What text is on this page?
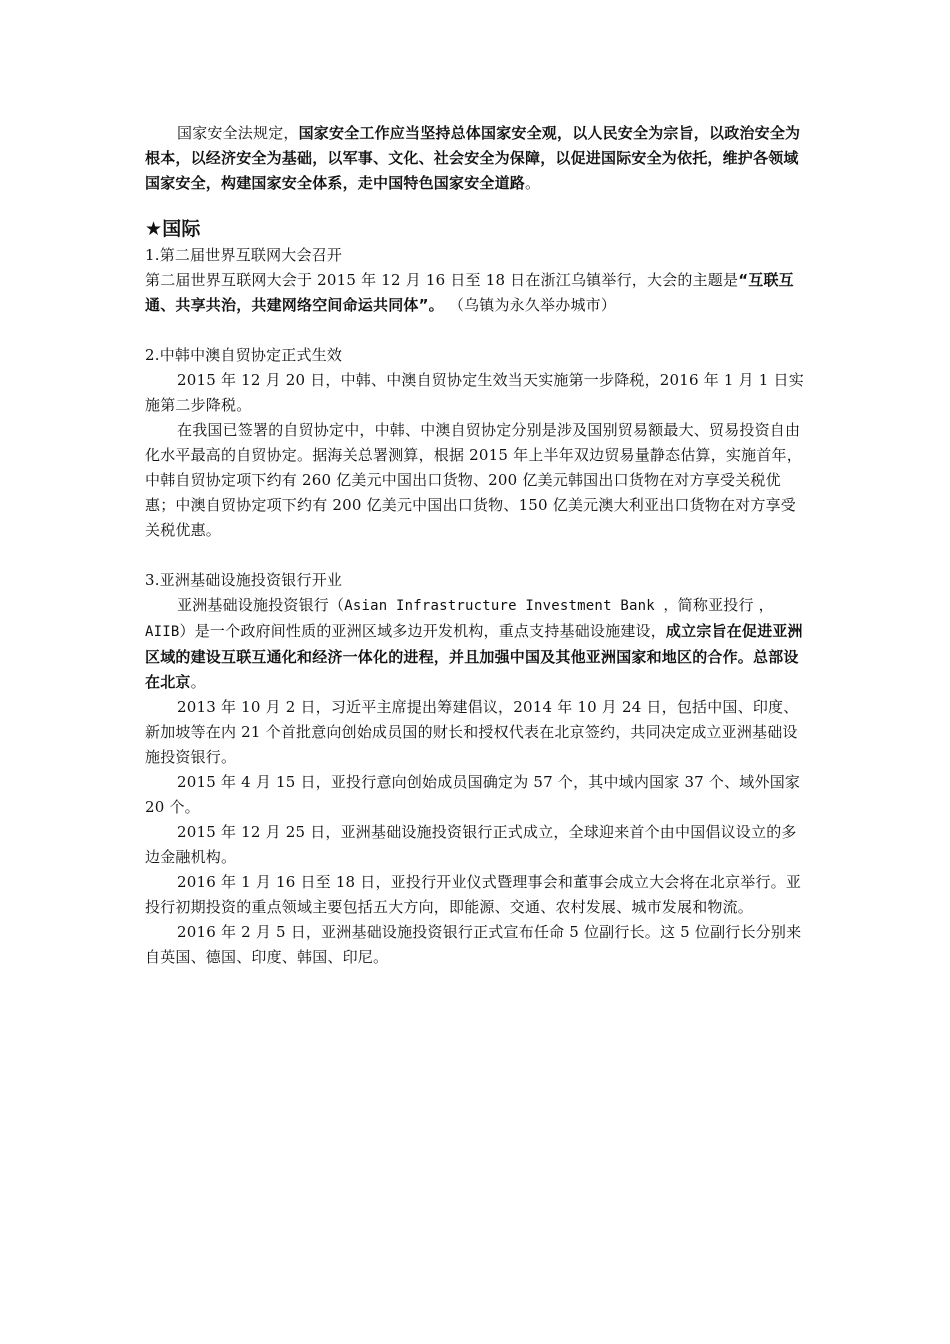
国家安全法规定，国家安全工作应当坚持总体国家安全观，以人民安全为宗旨，以政治安全为根本，以经济安全为基础，以军事、文化、社会安全为保障，以促进国际安全为依托，维护各领域国家安全，构建国家安全体系，走中国特色国家安全道路。

★国际

1.第二届世界互联网大会召开

第二届世界互联网大会于 2015 年 12 月 16 日至 18 日在浙江乌镇举行，大会的主题是“互联互通、共享共治，共建网络空间命运共同体”。 （乌镇为永久举办城市）

2.中韩中澳自贸协定正式生效

2015 年 12 月 20 日，中韩、中澳自贸协定生效当天实施第一步降税，2016 年 1 月 1 日实施第二步降税。

在我国已签署的自贸协定中，中韩、中澳自贸协定分别是涉及国别贸易额最大、贸易投资自由化水平最高的自贸协定。据海关总署测算，根据 2015 年上半年双边贸易量静态估算，实施首年，中韩自贸协定项下约有 260 亿美元中国出口货物、200 亿美元韩国出口货物在对方享受关税优惠；中澳自贸协定项下约有 200 亿美元中国出口货物、150 亿美元澳大利亚出口货物在对方享受关税优惠。

3.亚洲基础设施投资银行开业

亚洲基础设施投资银行（Asian Infrastructure Investment Bank ，简称亚投行 ，AIIB）是一个政府间性质的亚洲区域多边开发机构，重点支持基础设施建设，成立宗旨在促进亚洲区域的建设互联互通化和经济一体化的进程，并且加强中国及其他亚洲国家和地区的合作。总部设在北京。

2013 年 10 月 2 日，习近平主席提出筹建倡议，2014 年 10 月 24 日，包括中国、印度、新加坡等在内 21 个首批意向创始成员国的财长和授权代表在北京签约，共同决定成立亚洲基础设施投资银行。

2015 年 4 月 15 日，亚投行意向创始成员国确定为 57 个，其中域内国家 37 个、域外国家 20 个。

2015 年 12 月 25 日，亚洲基础设施投资银行正式成立，全球迎来首个由中国倡议设立的多边金融机构。

2016 年 1 月 16 日至 18 日，亚投行开业仪式暨理事会和董事会成立大会将在北京举行。亚投行初期投资的重点领域主要包括五大方向，即能源、交通、农村发展、城市发展和物流。

2016 年 2 月 5 日，亚洲基础设施投资银行正式宣布任命 5 位副行长。这 5 位副行长分别来自英国、德国、印度、韩国、印尼。
